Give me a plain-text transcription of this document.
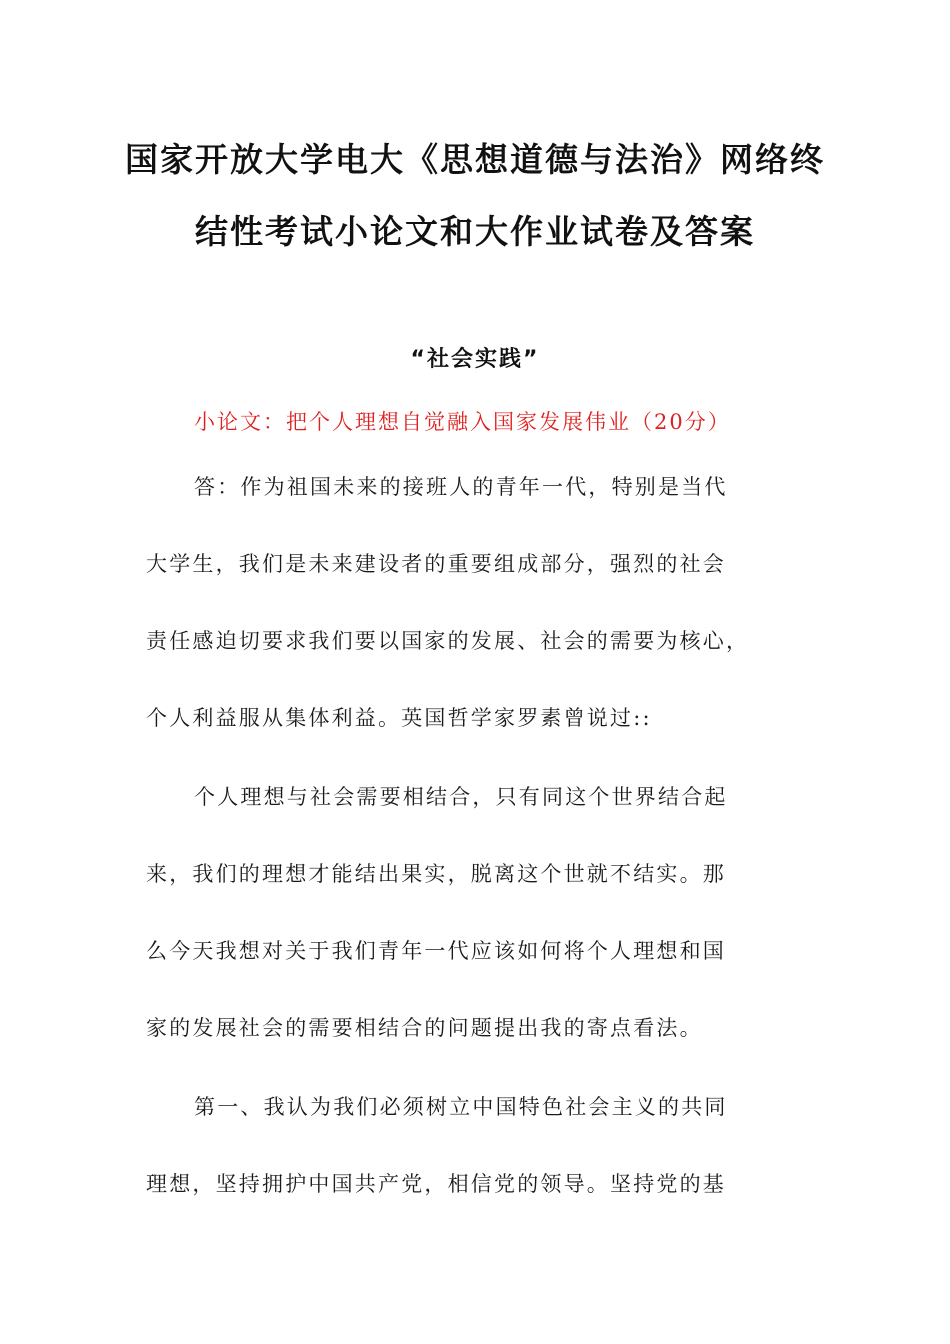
国家开放大学电大《思想道德与法治》网络终
结性考试小论文和大作业试卷及答案
“社会实践”
小论文：把个人理想自觉融入国家发展伟业（20分）
答：作为祖国未来的接班人的青年一代，特别是当代
大学生，我们是未来建设者的重要组成部分，强烈的社会
责任感迫切要求我们要以国家的发展、社会的需要为核心，
个人利益服从集体利益。英国哲学家罗素曾说过::
个人理想与社会需要相结合，只有同这个世界结合起
来，我们的理想才能结出果实，脱离这个世就不结实。那
么今天我想对关于我们青年一代应该如何将个人理想和国
家的发展社会的需要相结合的问题提出我的寄点看法。
第一、我认为我们必须树立中国特色社会主义的共同
理想，坚持拥护中国共产党，相信党的领导。坚持党的基
